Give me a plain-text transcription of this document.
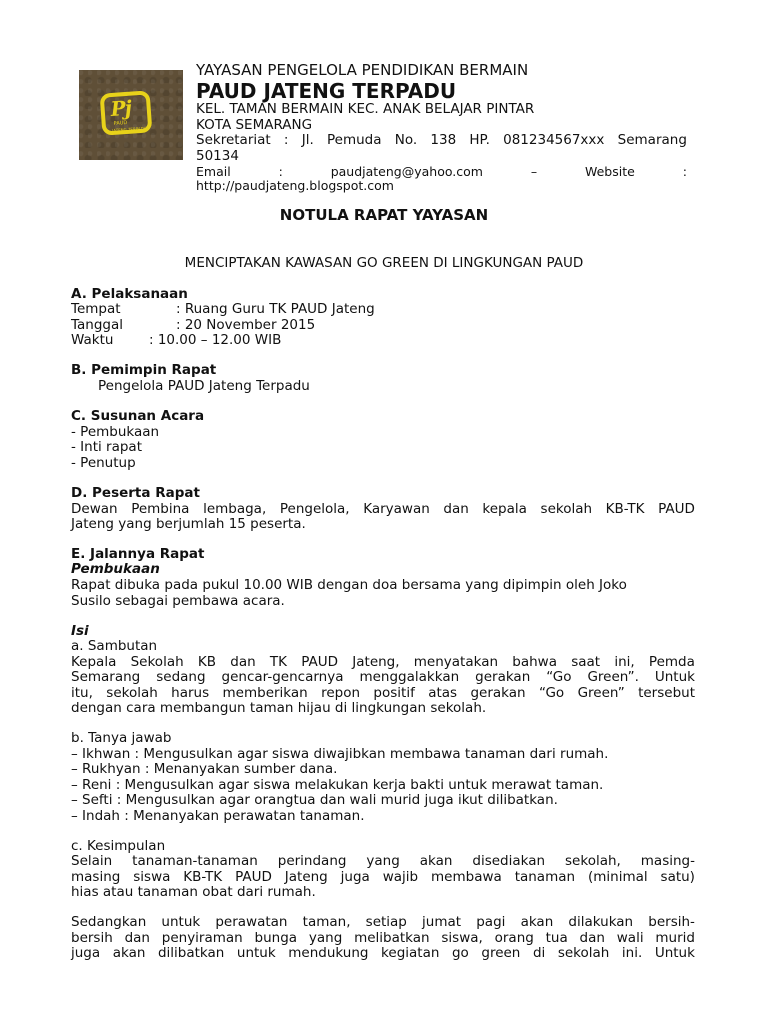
Pj
PAUD
JATENG TERPADU
YAYASAN PENGELOLA PENDIDIKAN BERMAIN
PAUD JATENG TERPADU
KEL. TAMAN BERMAIN KEC. ANAK BELAJAR PINTAR
KOTA SEMARANG
Sekretariat : Jl. Pemuda No. 138 HP. 081234567xxx Semarang
50134
Email	:	paudjateng@yahoo.com	–	Website	:
http://paudjateng.blogspot.com
NOTULA RAPAT YAYASAN
MENCIPTAKAN KAWASAN GO GREEN DI LINGKUNGAN PAUD
A. Pelaksanaan
Tempat	: Ruang Guru TK PAUD Jateng
Tanggal	: 20 November 2015
Waktu	: 10.00 – 12.00 WIB
B. Pemimpin Rapat
Pengelola PAUD Jateng Terpadu
C. Susunan Acara
- Pembukaan
- Inti rapat
- Penutup
D. Peserta Rapat
Dewan Pembina lembaga, Pengelola, Karyawan dan kepala sekolah KB-TK PAUD
Jateng yang berjumlah 15 peserta.
E. Jalannya Rapat
Pembukaan
Rapat dibuka pada pukul 10.00 WIB dengan doa bersama yang dipimpin oleh Joko
Susilo sebagai pembawa acara.
Isi
a. Sambutan
Kepala Sekolah KB dan TK PAUD Jateng, menyatakan bahwa saat ini, Pemda
Semarang sedang gencar-gencarnya menggalakkan gerakan “Go Green”. Untuk
itu, sekolah harus memberikan repon positif atas gerakan “Go Green” tersebut
dengan cara membangun taman hijau di lingkungan sekolah.
b. Tanya jawab
– Ikhwan : Mengusulkan agar siswa diwajibkan membawa tanaman dari rumah.
– Rukhyan : Menanyakan sumber dana.
– Reni : Mengusulkan agar siswa melakukan kerja bakti untuk merawat taman.
– Sefti : Mengusulkan agar orangtua dan wali murid juga ikut dilibatkan.
– Indah : Menanyakan perawatan tanaman.
c. Kesimpulan
Selain tanaman-tanaman perindang yang akan disediakan sekolah, masing-
masing siswa KB-TK PAUD Jateng juga wajib membawa tanaman (minimal satu)
hias atau tanaman obat dari rumah.
Sedangkan untuk perawatan taman, setiap jumat pagi akan dilakukan bersih-
bersih dan penyiraman bunga yang melibatkan siswa, orang tua dan wali murid
juga akan dilibatkan untuk mendukung kegiatan go green di sekolah ini. Untuk
